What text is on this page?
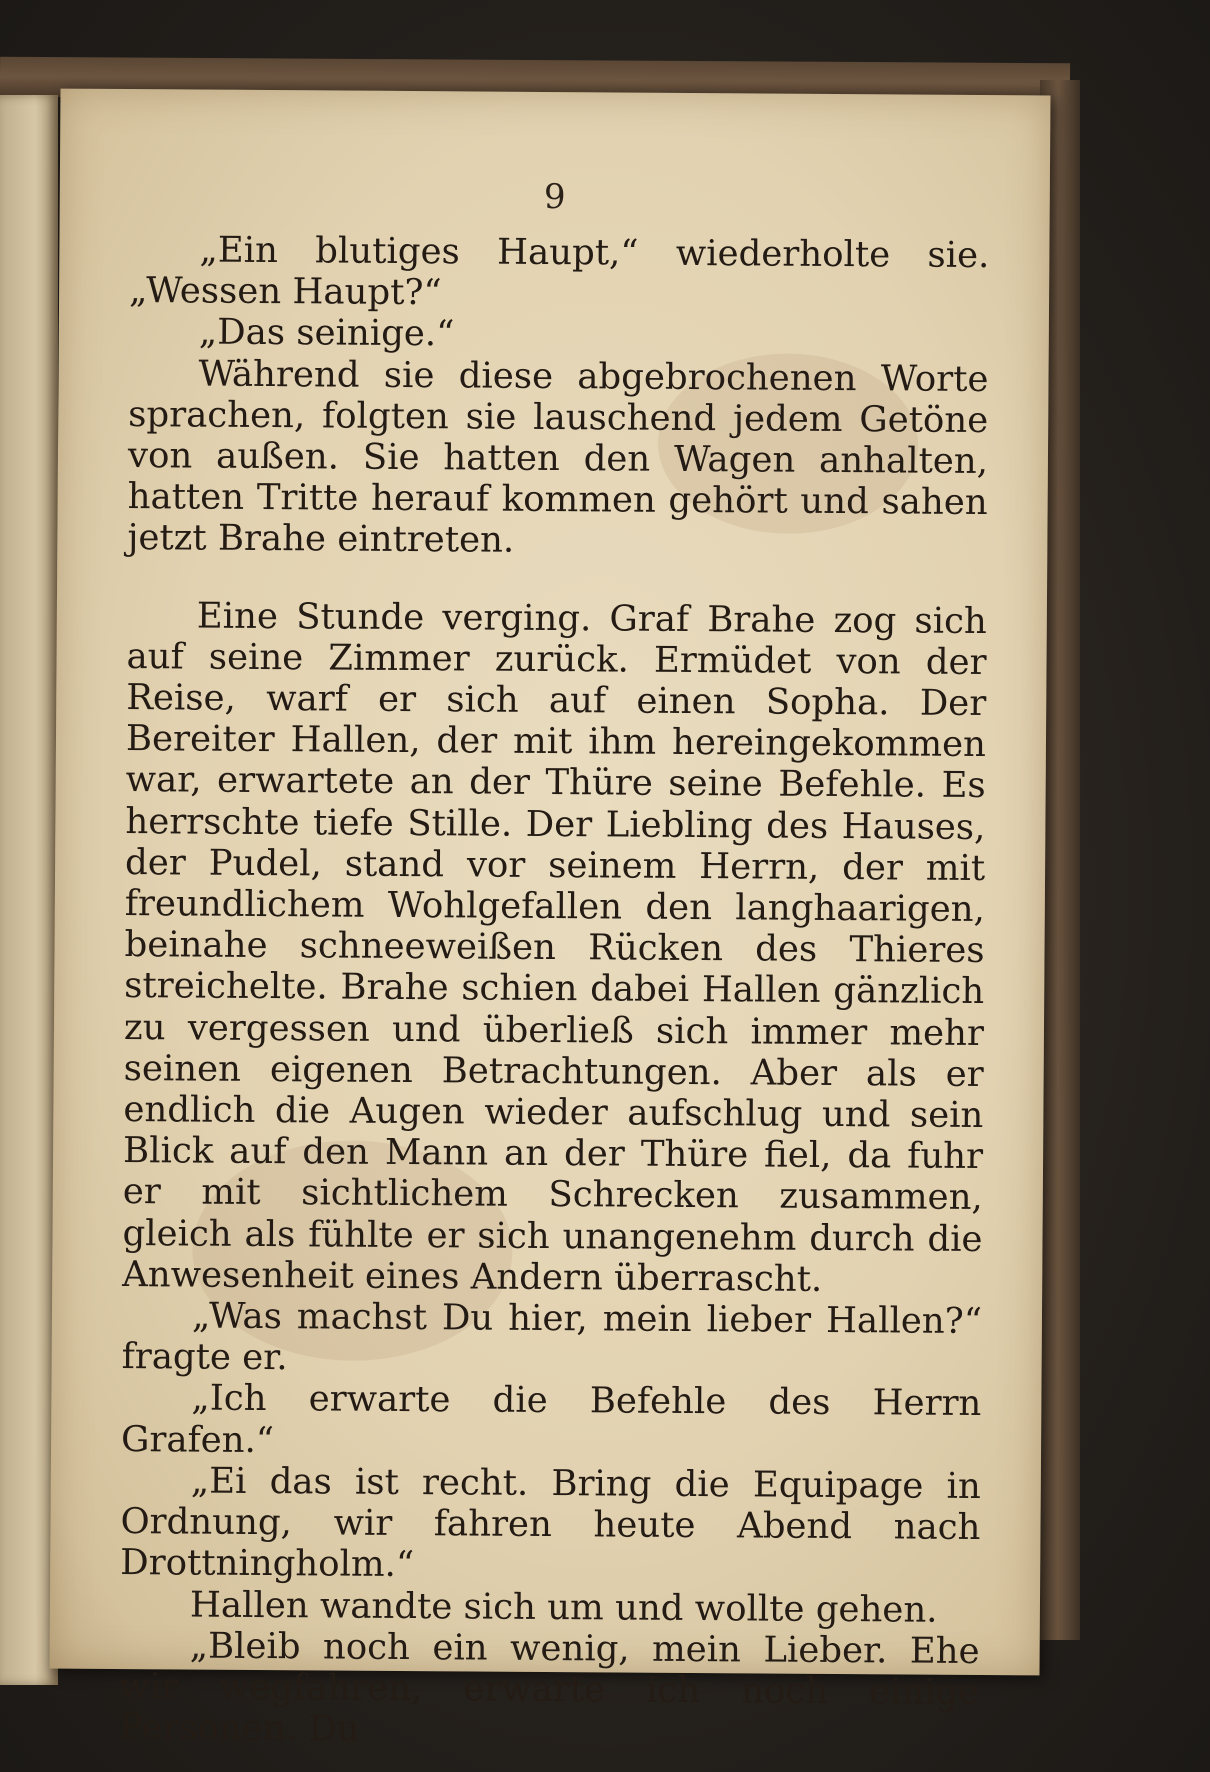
9

„Ein blutiges Haupt,“ wiederholte sie. „Wessen Haupt?“

„Das seinige.“

Während sie diese abgebrochenen Worte sprachen, folgten sie lauschend jedem Getöne von außen. Sie hatten den Wagen anhalten, hatten Tritte herauf kommen gehört und sahen jetzt Brahe eintreten.

Eine Stunde verging. Graf Brahe zog sich auf seine Zimmer zurück. Ermüdet von der Reise, warf er sich auf einen Sopha. Der Bereiter Hallen, der mit ihm hereingekommen war, erwartete an der Thüre seine Befehle. Es herrschte tiefe Stille. Der Liebling des Hauses, der Pudel, stand vor seinem Herrn, der mit freundlichem Wohlgefallen den langhaarigen, beinahe schneeweißen Rücken des Thieres streichelte. Brahe schien dabei Hallen gänzlich zu vergessen und überließ sich immer mehr seinen eigenen Betrachtungen. Aber als er endlich die Augen wieder aufschlug und sein Blick auf den Mann an der Thüre fiel, da fuhr er mit sichtlichem Schrecken zusammen, gleich als fühlte er sich unangenehm durch die Anwesenheit eines Andern überrascht.

„Was machst Du hier, mein lieber Hallen?“ fragte er.

„Ich erwarte die Befehle des Herrn Grafen.“

„Ei das ist recht. Bring die Equipage in Ordnung, wir fahren heute Abend nach Drottningholm.“

Hallen wandte sich um und wollte gehen.

„Bleib noch ein wenig, mein Lieber. Ehe wir wegfahren, erwarte ich noch einige Personen. Du
